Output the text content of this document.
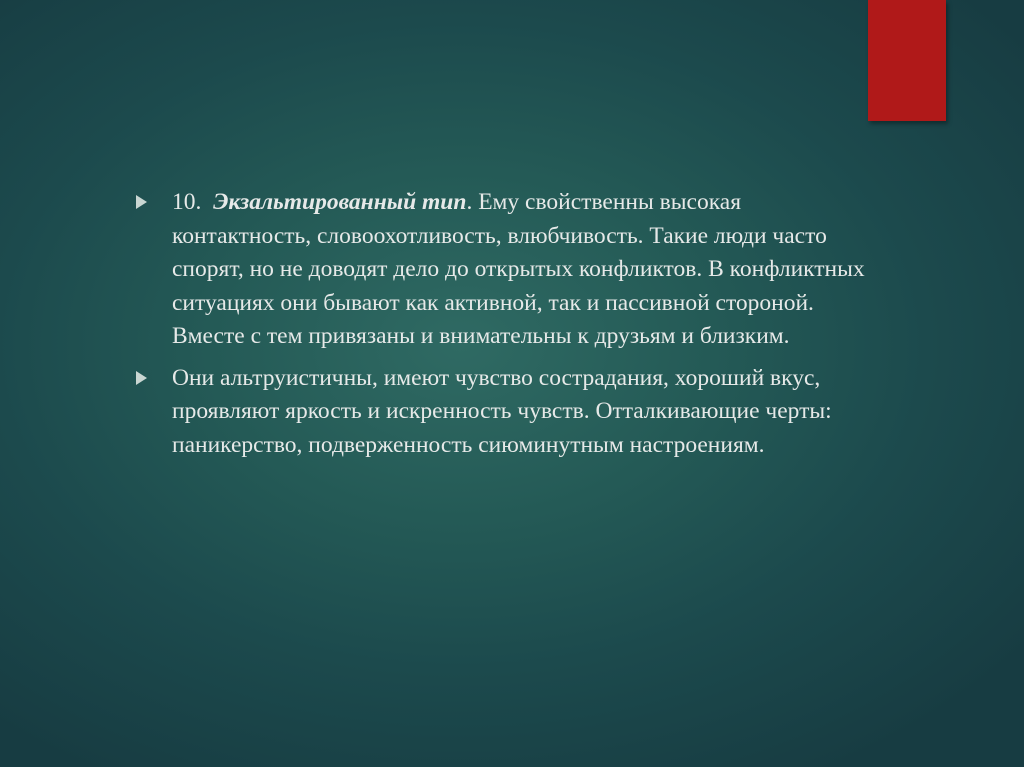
10. Экзальтированный тип. Ему свойственны высокая контактность, словоохотливость, влюбчивость. Такие люди часто спорят, но не доводят дело до открытых конфликтов. В конфликтных ситуациях они бывают как активной, так и пассивной стороной. Вместе с тем привязаны и внимательны к друзьям и близким.
Они альтруистичны, имеют чувство сострадания, хороший вкус, проявляют яркость и искренность чувств. Отталкивающие черты: паникерство, подверженность сиюминутным настроениям.
